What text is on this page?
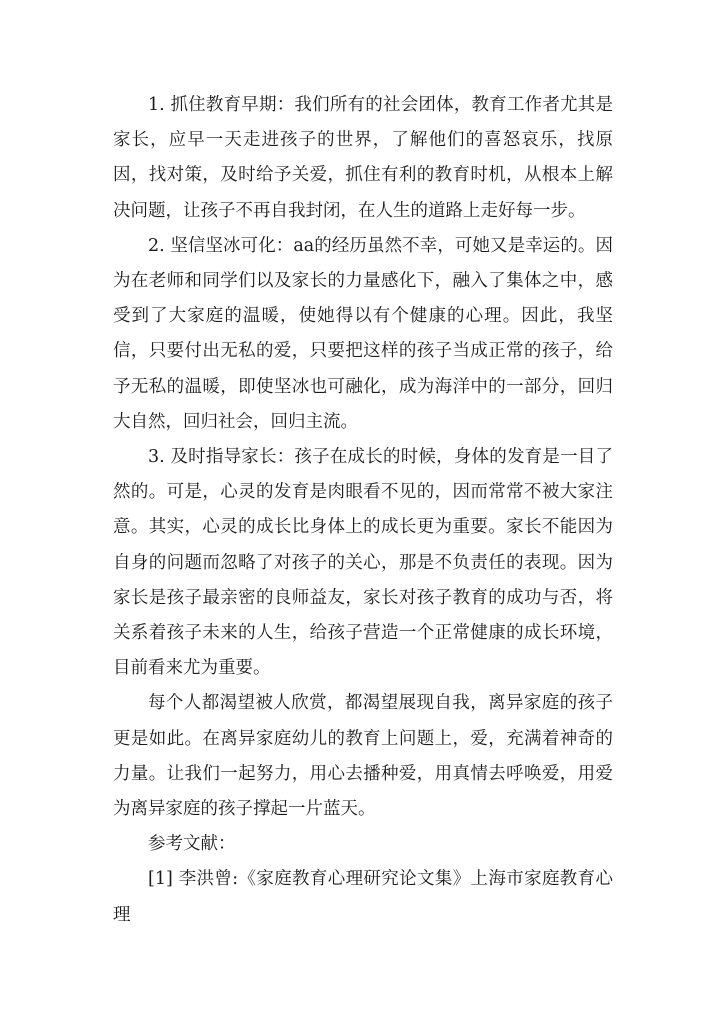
1. 抓住教育早期：我们所有的社会团体，教育工作者尤其是家长，应早一天走进孩子的世界，了解他们的喜怒哀乐，找原因，找对策，及时给予关爱，抓住有利的教育时机，从根本上解决问题，让孩子不再自我封闭，在人生的道路上走好每一步。

2. 坚信坚冰可化：aa的经历虽然不幸，可她又是幸运的。因为在老师和同学们以及家长的力量感化下，融入了集体之中，感受到了大家庭的温暖，使她得以有个健康的心理。因此，我坚信，只要付出无私的爱，只要把这样的孩子当成正常的孩子，给予无私的温暖，即使坚冰也可融化，成为海洋中的一部分，回归大自然，回归社会，回归主流。

3. 及时指导家长：孩子在成长的时候，身体的发育是一目了然的。可是，心灵的发育是肉眼看不见的，因而常常不被大家注意。其实，心灵的成长比身体上的成长更为重要。家长不能因为自身的问题而忽略了对孩子的关心，那是不负责任的表现。因为家长是孩子最亲密的良师益友，家长对孩子教育的成功与否，将关系着孩子未来的人生，给孩子营造一个正常健康的成长环境，目前看来尤为重要。

每个人都渴望被人欣赏，都渴望展现自我，离异家庭的孩子更是如此。在离异家庭幼儿的教育上问题上，爱，充满着神奇的力量。让我们一起努力，用心去播种爱，用真情去呼唤爱，用爱为离异家庭的孩子撑起一片蓝天。

参考文献：

[1] 李洪曾:《家庭教育心理研究论文集》上海市家庭教育心理
